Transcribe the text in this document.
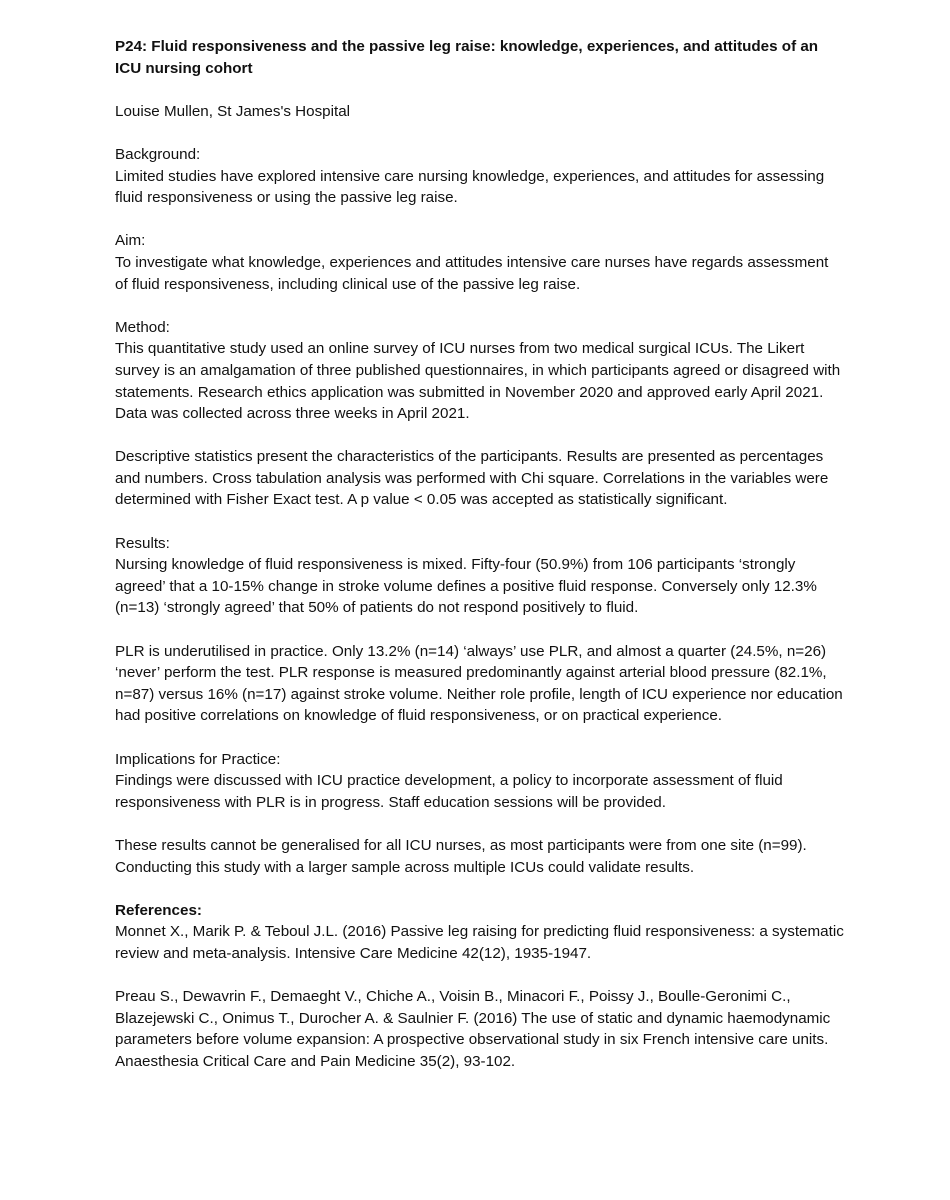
P24: Fluid responsiveness and the passive leg raise: knowledge, experiences, and attitudes of an ICU nursing cohort
Louise Mullen, St James's Hospital
Background:
Limited studies have explored intensive care nursing knowledge, experiences, and attitudes for assessing fluid responsiveness or using the passive leg raise.
Aim:
To investigate what knowledge, experiences and attitudes intensive care nurses have regards assessment of fluid responsiveness, including clinical use of the passive leg raise.
Method:
This quantitative study used an online survey of ICU nurses from two medical surgical ICUs. The Likert survey is an amalgamation of three published questionnaires, in which participants agreed or disagreed with statements. Research ethics application was submitted in November 2020 and approved early April 2021. Data was collected across three weeks in April 2021.
Descriptive statistics present the characteristics of the participants. Results are presented as percentages and numbers. Cross tabulation analysis was performed with Chi square. Correlations in the variables were determined with Fisher Exact test. A p value < 0.05 was accepted as statistically significant.
Results:
Nursing knowledge of fluid responsiveness is mixed. Fifty-four (50.9%) from 106 participants ‘strongly agreed’ that a 10-15% change in stroke volume defines a positive fluid response. Conversely only 12.3% (n=13) ‘strongly agreed’ that 50% of patients do not respond positively to fluid.
PLR is underutilised in practice. Only 13.2% (n=14) ‘always’ use PLR, and almost a quarter (24.5%, n=26) ‘never’ perform the test. PLR response is measured predominantly against arterial blood pressure (82.1%, n=87) versus 16% (n=17) against stroke volume. Neither role profile, length of ICU experience nor education had positive correlations on knowledge of fluid responsiveness, or on practical experience.
Implications for Practice:
Findings were discussed with ICU practice development, a policy to incorporate assessment of fluid responsiveness with PLR is in progress. Staff education sessions will be provided.
These results cannot be generalised for all ICU nurses, as most participants were from one site (n=99). Conducting this study with a larger sample across multiple ICUs could validate results.
References:
Monnet X., Marik P. & Teboul J.L. (2016) Passive leg raising for predicting fluid responsiveness: a systematic review and meta-analysis. Intensive Care Medicine 42(12), 1935-1947.
Preau S., Dewavrin F., Demaeght V., Chiche A., Voisin B., Minacori F., Poissy J., Boulle-Geronimi C., Blazejewski C., Onimus T., Durocher A. & Saulnier F. (2016) The use of static and dynamic haemodynamic parameters before volume expansion: A prospective observational study in six French intensive care units. Anaesthesia Critical Care and Pain Medicine 35(2), 93-102.
